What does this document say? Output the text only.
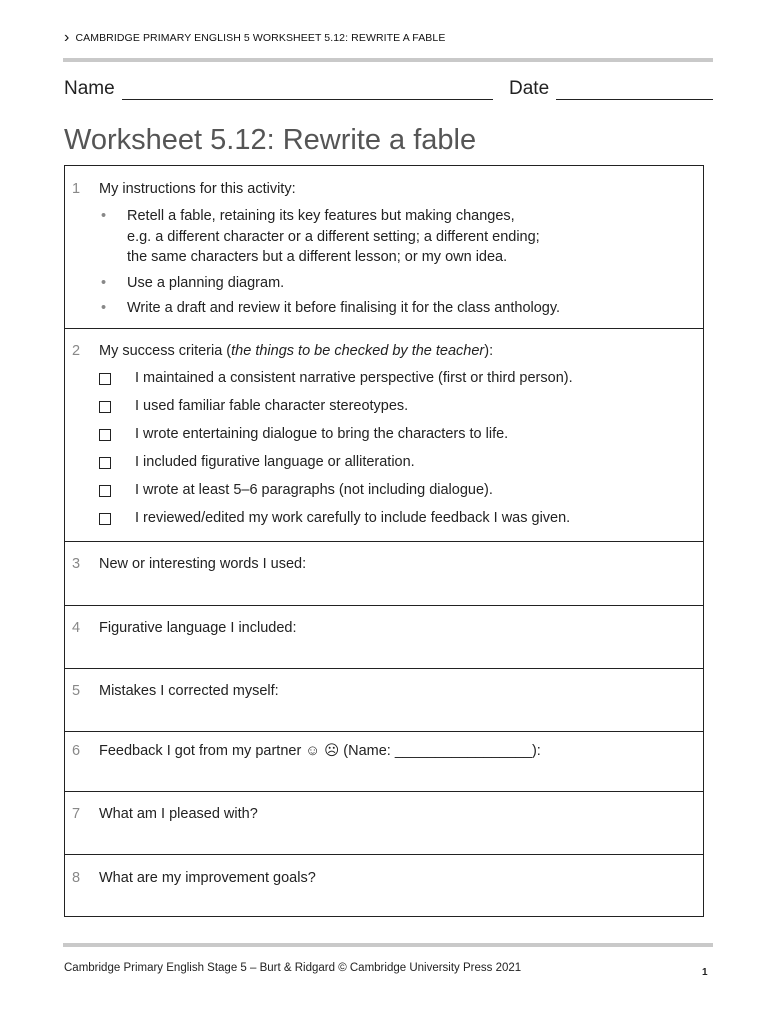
› CAMBRIDGE PRIMARY ENGLISH 5 WORKSHEET 5.12: REWRITE A FABLE
Name	Date
Worksheet 5.12: Rewrite a fable
1 My instructions for this activity:
• Retell a fable, retaining its key features but making changes,
e.g. a different character or a different setting; a different ending;
the same characters but a different lesson; or my own idea.
• Use a planning diagram.
• Write a draft and review it before finalising it for the class anthology.
2 My success criteria (the things to be checked by the teacher):
I maintained a consistent narrative perspective (first or third person).
I used familiar fable character stereotypes.
I wrote entertaining dialogue to bring the characters to life.
I included figurative language or alliteration.
I wrote at least 5–6 paragraphs (not including dialogue).
I reviewed/edited my work carefully to include feedback I was given.
3 New or interesting words I used:
4 Figurative language I included:
5 Mistakes I corrected myself:
6 Feedback I got from my partner ☺ ☹ (Name: _________________):
7 What am I pleased with?
8 What are my improvement goals?
Cambridge Primary English Stage 5 – Burt & Ridgard © Cambridge University Press 2021	1
